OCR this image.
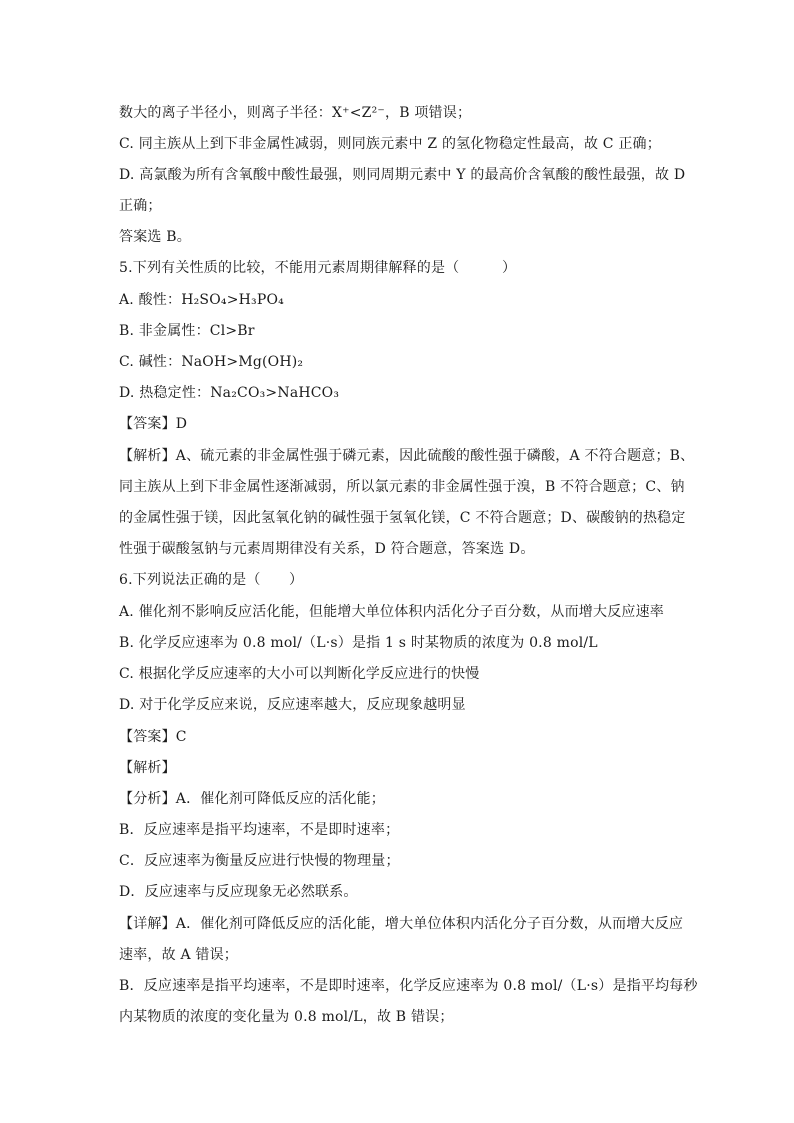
数大的离子半径小，则离子半径：X⁺<Z²⁻，B 项错误；
C. 同主族从上到下非金属性减弱，则同族元素中 Z 的氢化物稳定性最高，故 C 正确；
D. 高氯酸为所有含氧酸中酸性最强，则同周期元素中 Y 的最高价含氧酸的酸性最强，故 D
正确；
答案选 B。
5.下列有关性质的比较，不能用元素周期律解释的是（　　　）
A. 酸性：H₂SO₄>H₃PO₄
B. 非金属性：Cl>Br
C. 碱性：NaOH>Mg(OH)₂
D. 热稳定性：Na₂CO₃>NaHCO₃
【答案】D
【解析】A、硫元素的非金属性强于磷元素，因此硫酸的酸性强于磷酸，A 不符合题意；B、
同主族从上到下非金属性逐渐减弱，所以氯元素的非金属性强于溴，B 不符合题意；C、钠
的金属性强于镁，因此氢氧化钠的碱性强于氢氧化镁，C 不符合题意；D、碳酸钠的热稳定
性强于碳酸氢钠与元素周期律没有关系，D 符合题意，答案选 D。
6.下列说法正确的是（　　）
A. 催化剂不影响反应活化能，但能增大单位体积内活化分子百分数，从而增大反应速率
B. 化学反应速率为 0.8 mol/（L·s）是指 1 s 时某物质的浓度为 0.8 mol/L
C. 根据化学反应速率的大小可以判断化学反应进行的快慢
D. 对于化学反应来说，反应速率越大，反应现象越明显
【答案】C
【解析】
【分析】A．催化剂可降低反应的活化能；
B．反应速率是指平均速率，不是即时速率；
C．反应速率为衡量反应进行快慢的物理量；
D．反应速率与反应现象无必然联系。
【详解】A．催化剂可降低反应的活化能，增大单位体积内活化分子百分数，从而增大反应
速率，故 A 错误；
B．反应速率是指平均速率，不是即时速率，化学反应速率为 0.8 mol/（L·s）是指平均每秒
内某物质的浓度的变化量为 0.8 mol/L，故 B 错误；
